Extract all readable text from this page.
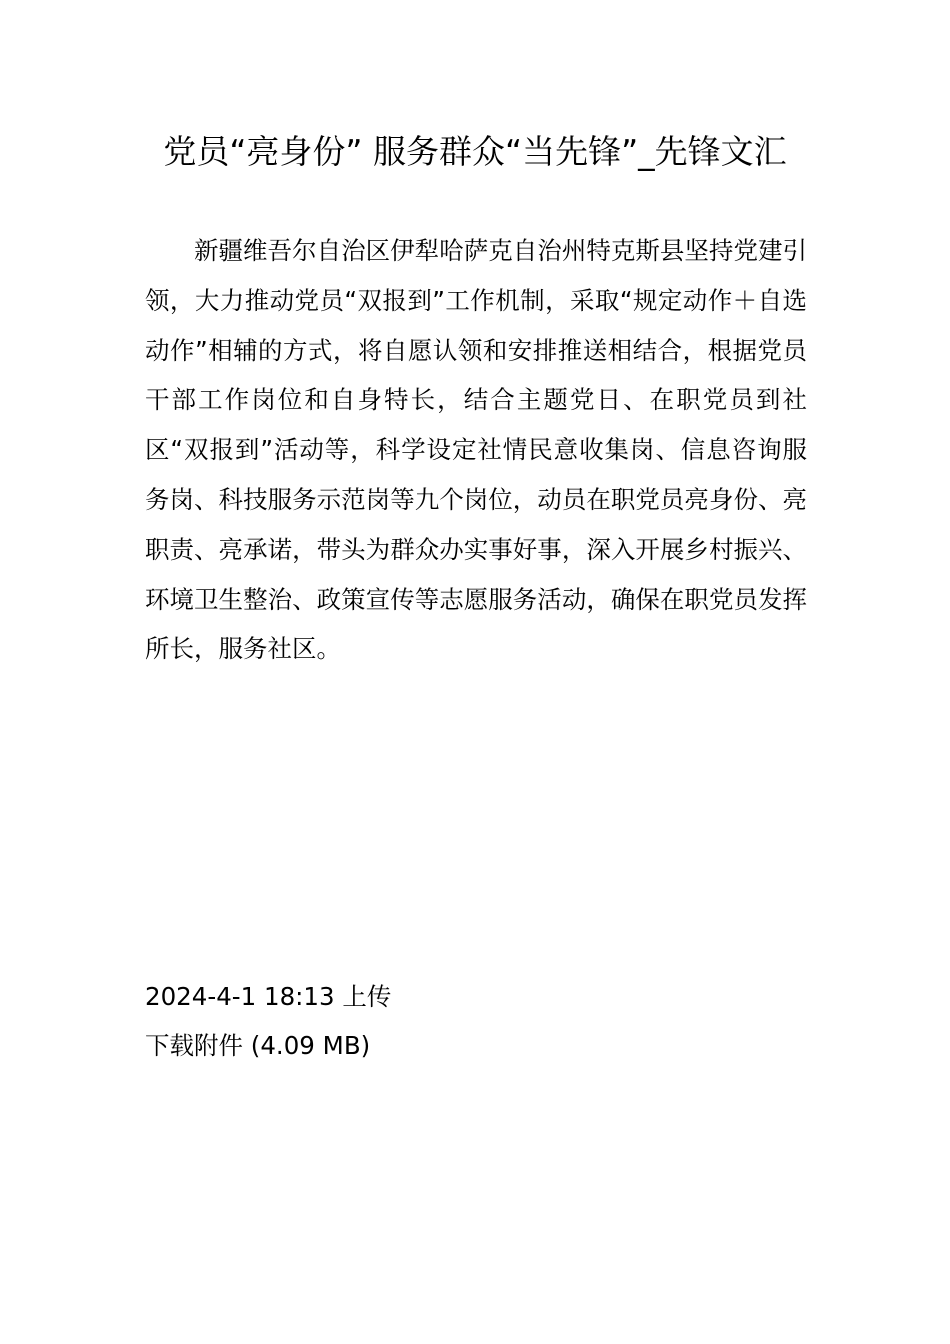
党员“亮身份” 服务群众“当先锋”_先锋文汇

新疆维吾尔自治区伊犁哈萨克自治州特克斯县坚持党建引领，大力推动党员“双报到”工作机制，采取“规定动作＋自选动作”相辅的方式，将自愿认领和安排推送相结合，根据党员干部工作岗位和自身特长，结合主题党日、在职党员到社区“双报到”活动等，科学设定社情民意收集岗、信息咨询服务岗、科技服务示范岗等九个岗位，动员在职党员亮身份、亮职责、亮承诺，带头为群众办实事好事，深入开展乡村振兴、环境卫生整治、政策宣传等志愿服务活动，确保在职党员发挥所长，服务社区。

2024-4-1 18:13 上传
下载附件 (4.09 MB)
